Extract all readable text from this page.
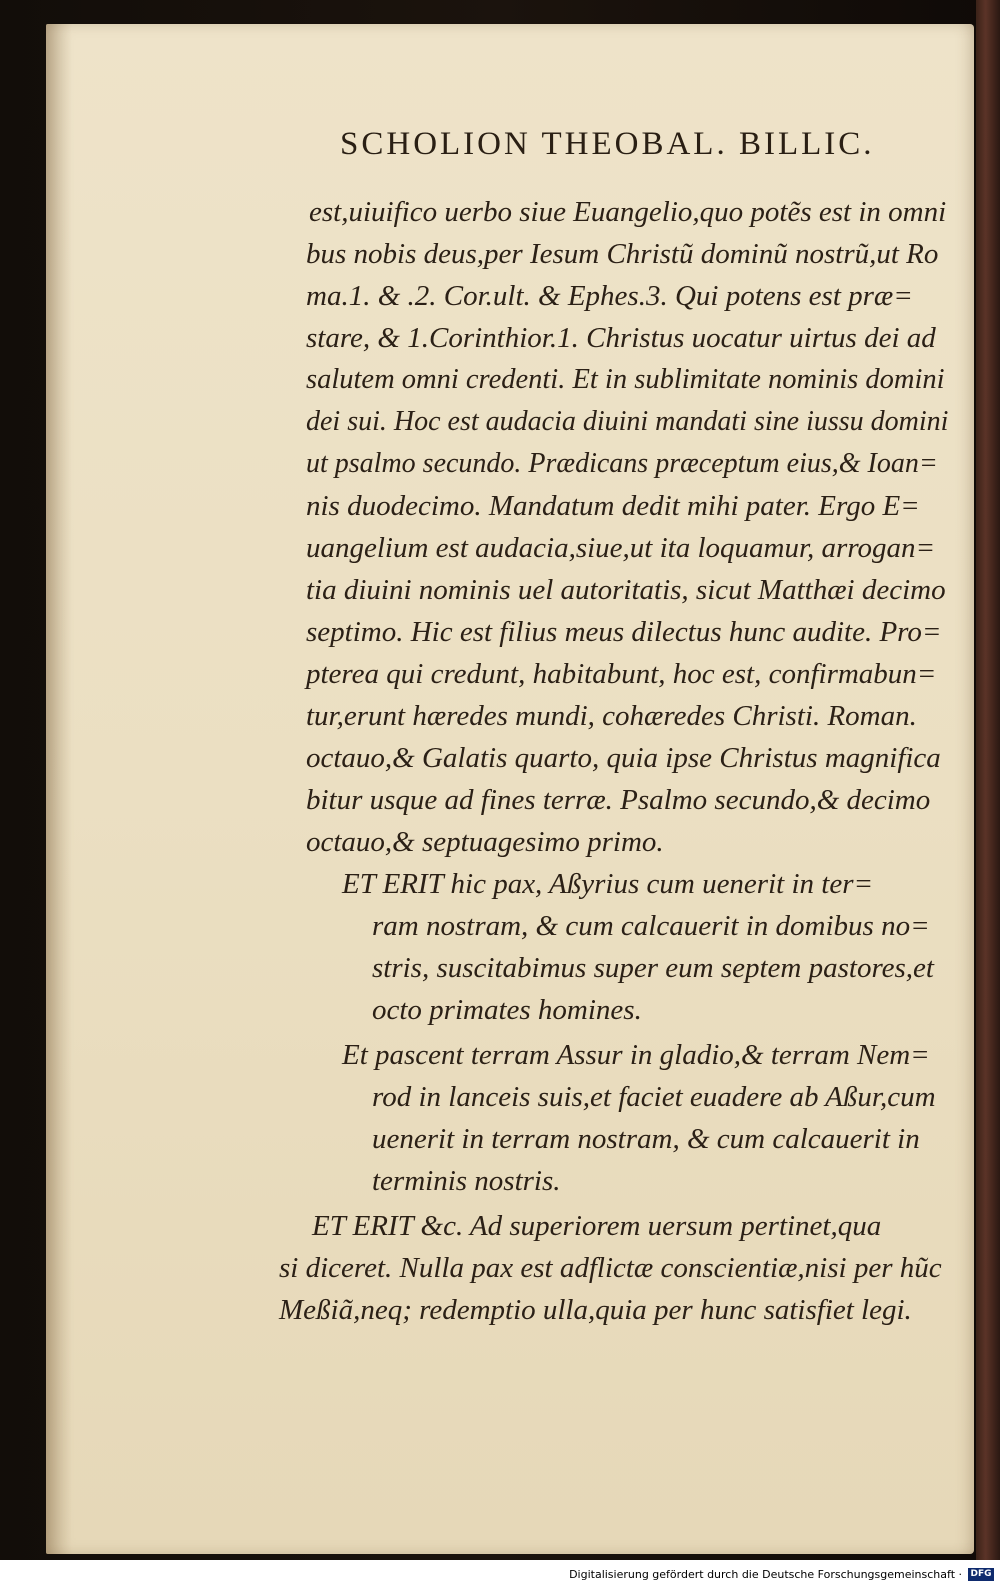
SCHOLION THEOBAL. BILLIC.
est,uiuifico uerbo siue Euangelio,quo potẽs est in omni
bus nobis deus,per Iesum Christũ dominũ nostrũ,ut Ro
ma.1. & .2. Cor.ult. & Ephes.3. Qui potens est præ=
stare, & 1.Corinthior.1. Christus uocatur uirtus dei ad
salutem omni credenti. Et in sublimitate nominis domini
dei sui. Hoc est audacia diuini mandati sine iussu domini
ut psalmo secundo. Prædicans præceptum eius,& Ioan=
nis duodecimo. Mandatum dedit mihi pater. Ergo E=
uangelium est audacia,siue,ut ita loquamur, arrogan=
tia diuini nominis uel autoritatis, sicut Matthæi decimo
septimo. Hic est filius meus dilectus hunc audite. Pro=
pterea qui credunt, habitabunt, hoc est, confirmabun=
tur,erunt hæredes mundi, cohæredes Christi. Roman.
octauo,& Galatis quarto, quia ipse Christus magnifica
bitur usque ad fines terræ. Psalmo secundo,& decimo
octauo,& septuagesimo primo.
ET ERIT hic pax, Aßyrius cum uenerit in ter=
ram nostram, & cum calcauerit in domibus no=
stris, suscitabimus super eum septem pastores,et
octo primates homines.
Et pascent terram Assur in gladio,& terram Nem=
rod in lanceis suis,et faciet euadere ab Aßur,cum
uenerit in terram nostram, & cum calcauerit in
terminis nostris.
ET ERIT &c. Ad superiorem uersum pertinet,qua
si diceret. Nulla pax est adflictæ conscientiæ,nisi per hũc
Meßiã,neq; redemptio ulla,quia per hunc satisfiet legi.
Digitalisierung gefördert durch die Deutsche Forschungsgemeinschaft · DFG
